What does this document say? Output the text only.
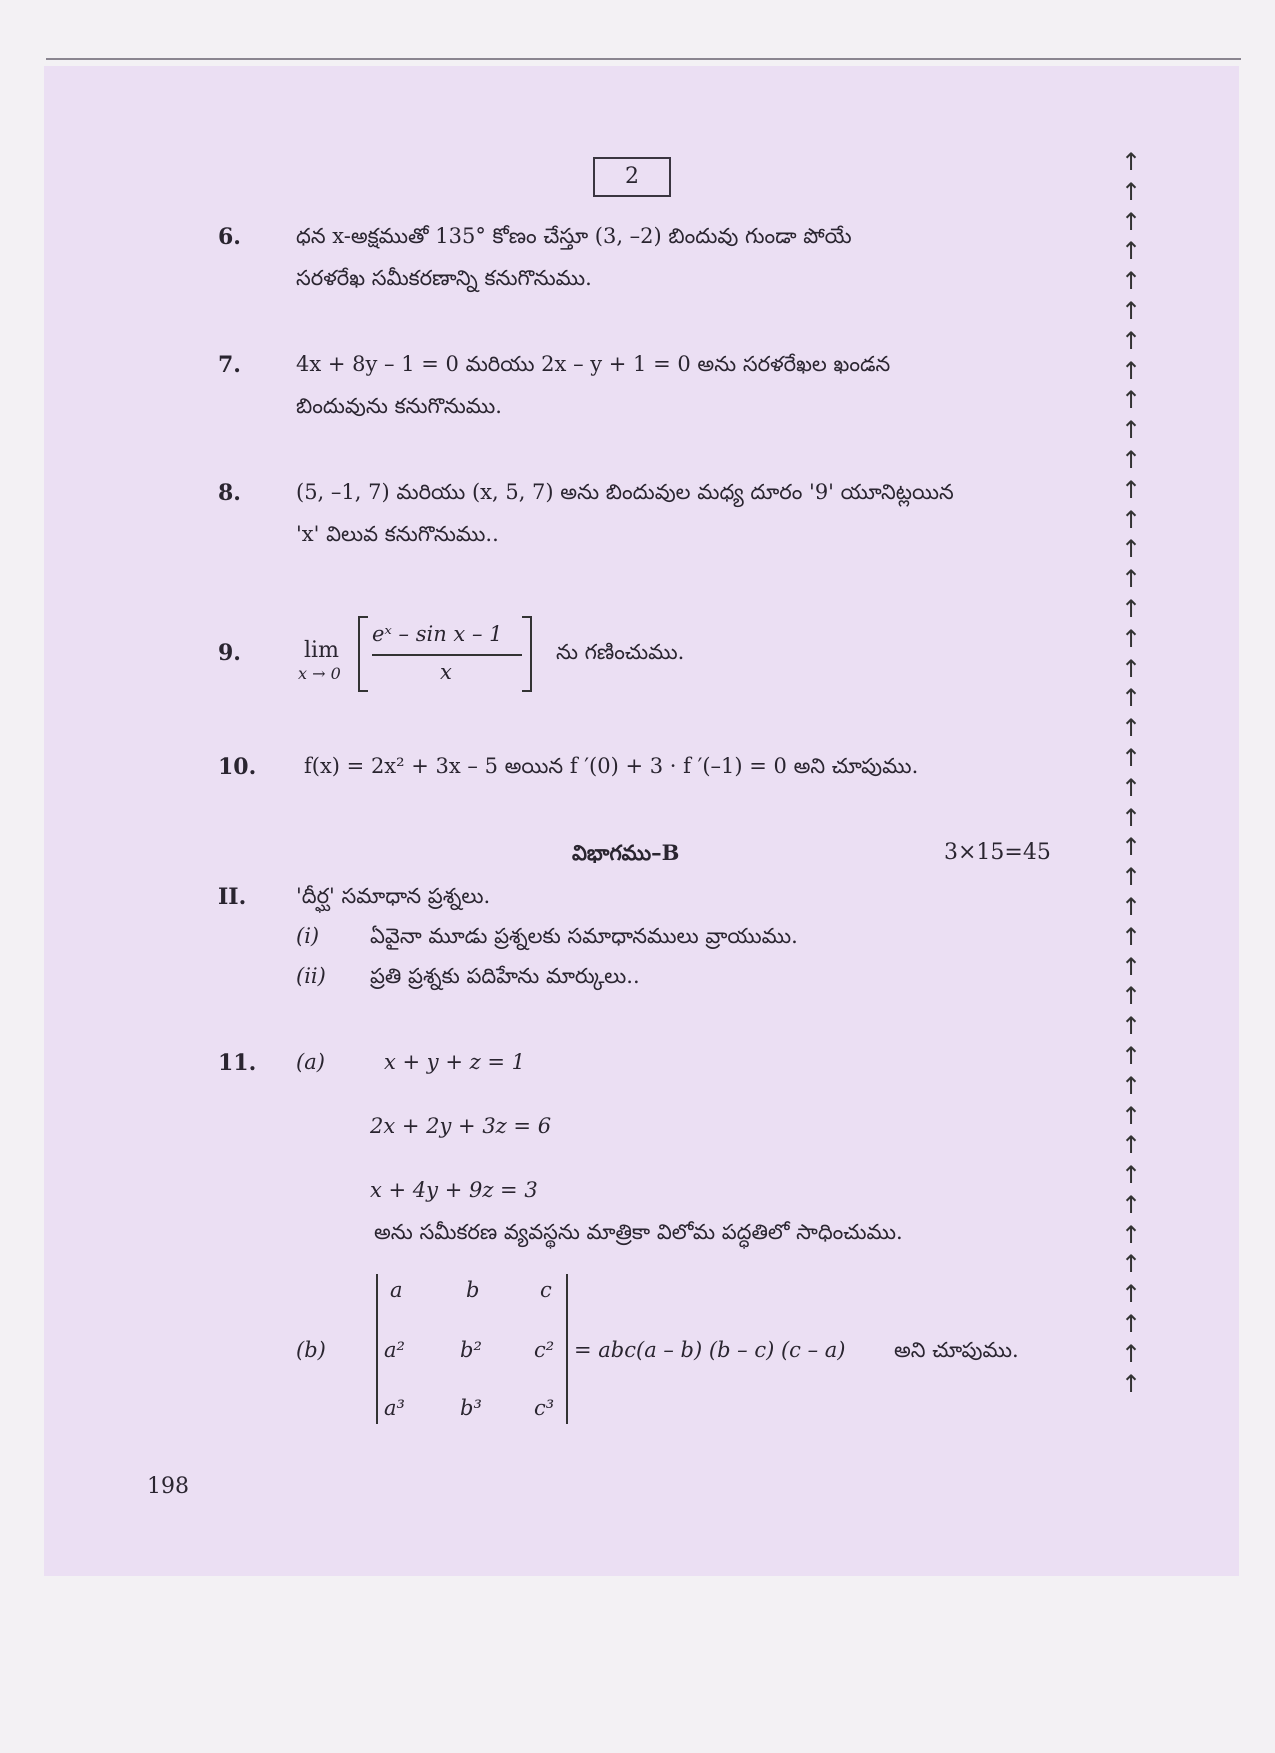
2
6.	ధన x-అక్షముతో 135° కోణం చేస్తూ (3, –2) బిందువు గుండా పోయే
సరళరేఖ సమీకరణాన్ని కనుగొనుము.
7.	4x + 8y – 1 = 0 మరియు 2x – y + 1 = 0 అను సరళరేఖల ఖండన
బిందువును కనుగొనుము.
8.	(5, –1, 7) మరియు (x, 5, 7) అను బిందువుల మధ్య దూరం '9' యూనిట్లయిన
'x' విలువ కనుగొనుము..
9.	lim
x → 0
eˣ – sin x – 1
x
ను గణించుము.
10. f(x) = 2x² + 3x – 5 అయిన f ′(0) + 3 · f ′(–1) = 0 అని చూపుము.
విభాగము–B	3×15=45
II. 'దీర్ఘ' సమాధాన ప్రశ్నలు.
(i) ఏవైనా మూడు ప్రశ్నలకు సమాధానములు వ్రాయుము.
(ii) ప్రతి ప్రశ్నకు పదిహేను మార్కులు..
11. (a)	x + y + z = 1
2x + 2y + 3z = 6
x + 4y + 9z = 3
అను సమీకరణ వ్యవస్థను మాత్రికా విలోమ పద్ధతిలో సాధించుము.
(b)
a	b	c
a²	b² c²
a³	b³ c³
= abc(a – b) (b – c) (c – a) అని చూపుము.
↑
↑
↑
↑
↑
↑
↑
↑
↑
↑
↑
↑
↑
↑
↑
↑
↑
↑
↑
↑
↑
↑
↑
↑
↑
↑
↑
↑
↑
↑
↑
↑
↑
↑
↑
↑
↑
↑
↑
↑
↑
↑
198
